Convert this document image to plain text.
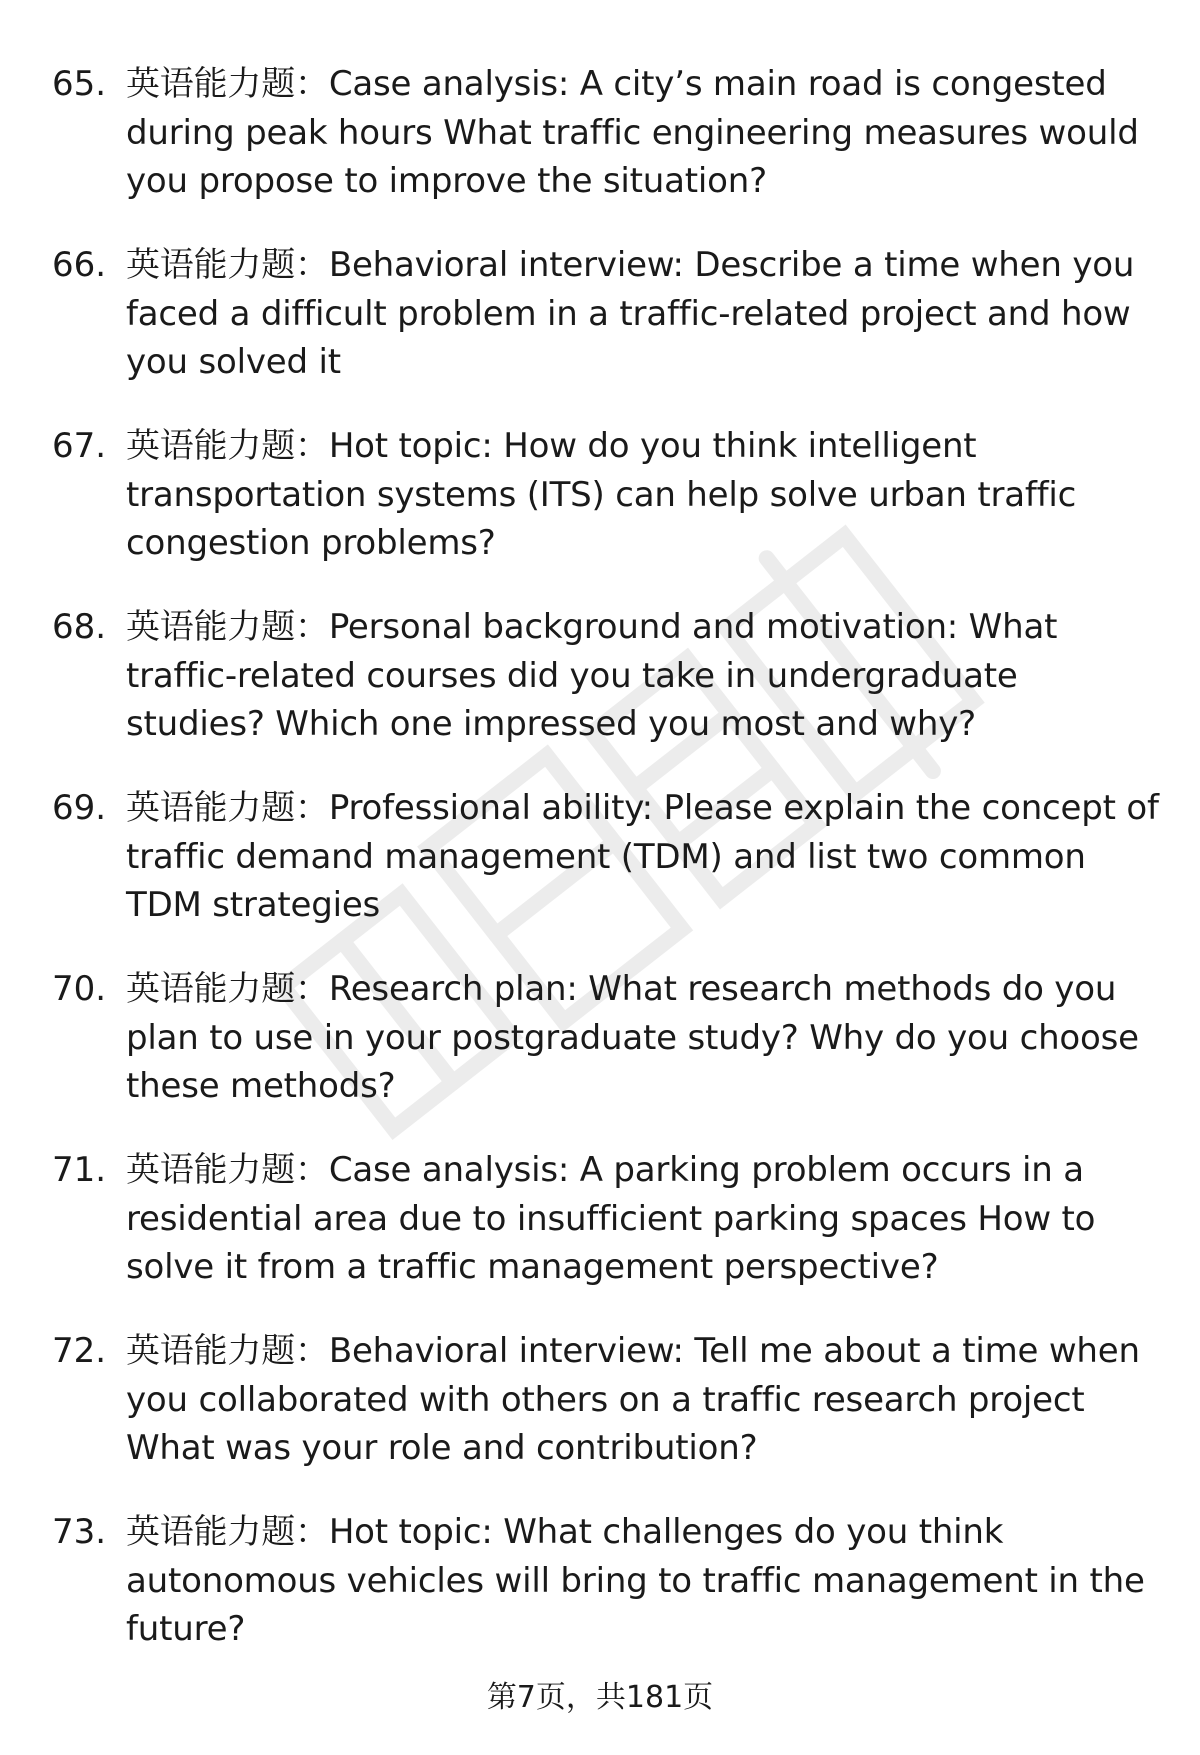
65. 英语能力题：Case analysis: A city’s main road is congested during peak hours What traffic engineering measures would you propose to improve the situation?
66. 英语能力题：Behavioral interview: Describe a time when you faced a difficult problem in a traffic-related project and how you solved it
67. 英语能力题：Hot topic: How do you think intelligent transportation systems (ITS) can help solve urban traffic congestion problems?
68. 英语能力题：Personal background and motivation: What traffic-related courses did you take in undergraduate studies? Which one impressed you most and why?
69. 英语能力题：Professional ability: Please explain the concept of traffic demand management (TDM) and list two common TDM strategies
70. 英语能力题：Research plan: What research methods do you plan to use in your postgraduate study? Why do you choose these methods?
71. 英语能力题：Case analysis: A parking problem occurs in a residential area due to insufficient parking spaces How to solve it from a traffic management perspective?
72. 英语能力题：Behavioral interview: Tell me about a time when you collaborated with others on a traffic research project What was your role and contribution?
73. 英语能力题：Hot topic: What challenges do you think autonomous vehicles will bring to traffic management in the future?
第7页，共181页
